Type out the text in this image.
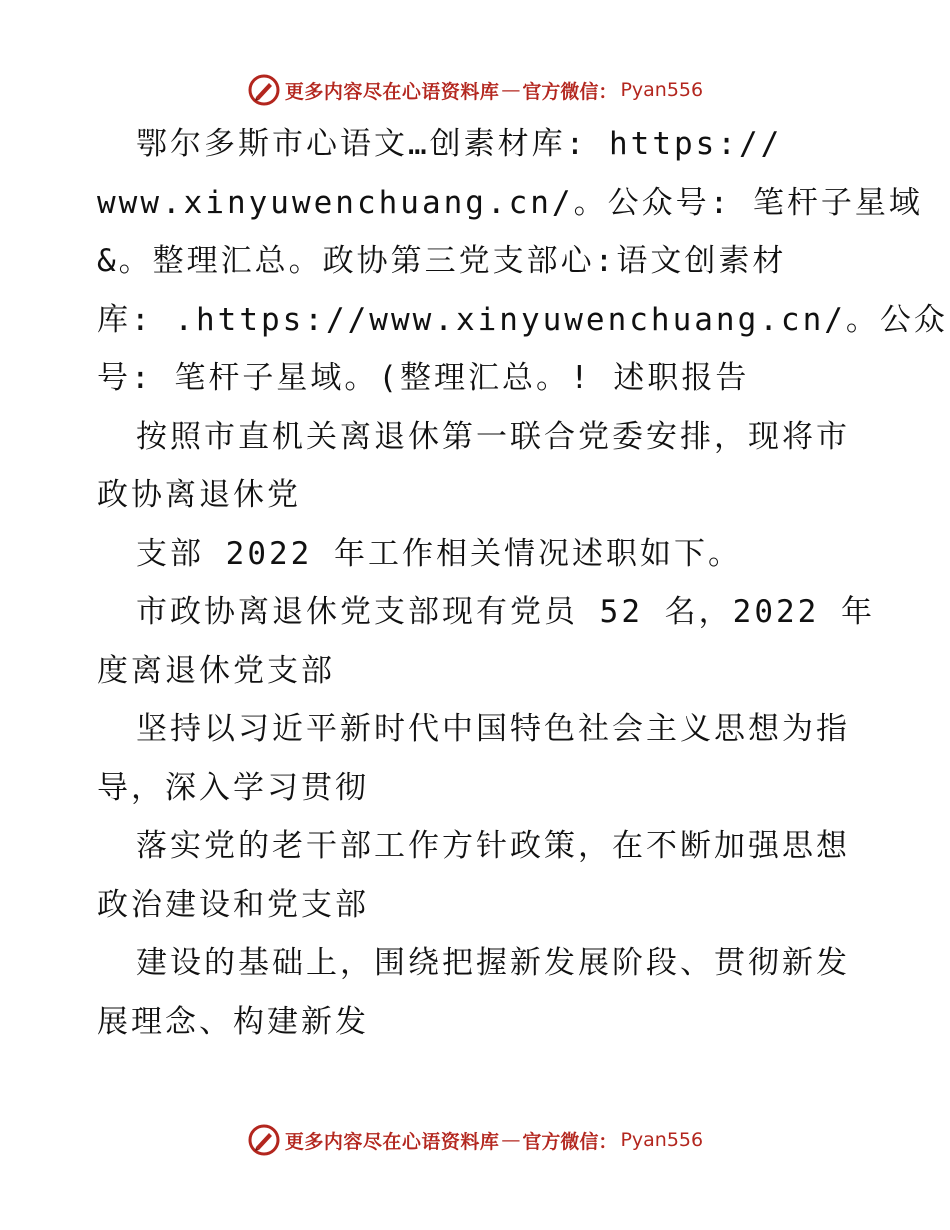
更多内容尽在心语资料库 — 官方微信： Pyan556
鄂尔多斯市心语文…创素材库: https://
www.xinyuwenchuang.cn/。公众号: 笔杆子星域
&。整理汇总。政协第三党支部心:语文创素材
库: .https://www.xinyuwenchuang.cn/。公众
号: 笔杆子星域。(整理汇总。! 述职报告
按照市直机关离退休第一联合党委安排，现将市
政协离退休党
支部 2022 年工作相关情况述职如下。
市政协离退休党支部现有党员 52 名，2022 年
度离退休党支部
坚持以习近平新时代中国特色社会主义思想为指
导，深入学习贯彻
落实党的老干部工作方针政策，在不断加强思想
政治建设和党支部
建设的基础上，围绕把握新发展阶段、贯彻新发
展理念、构建新发
更多内容尽在心语资料库 — 官方微信： Pyan556
